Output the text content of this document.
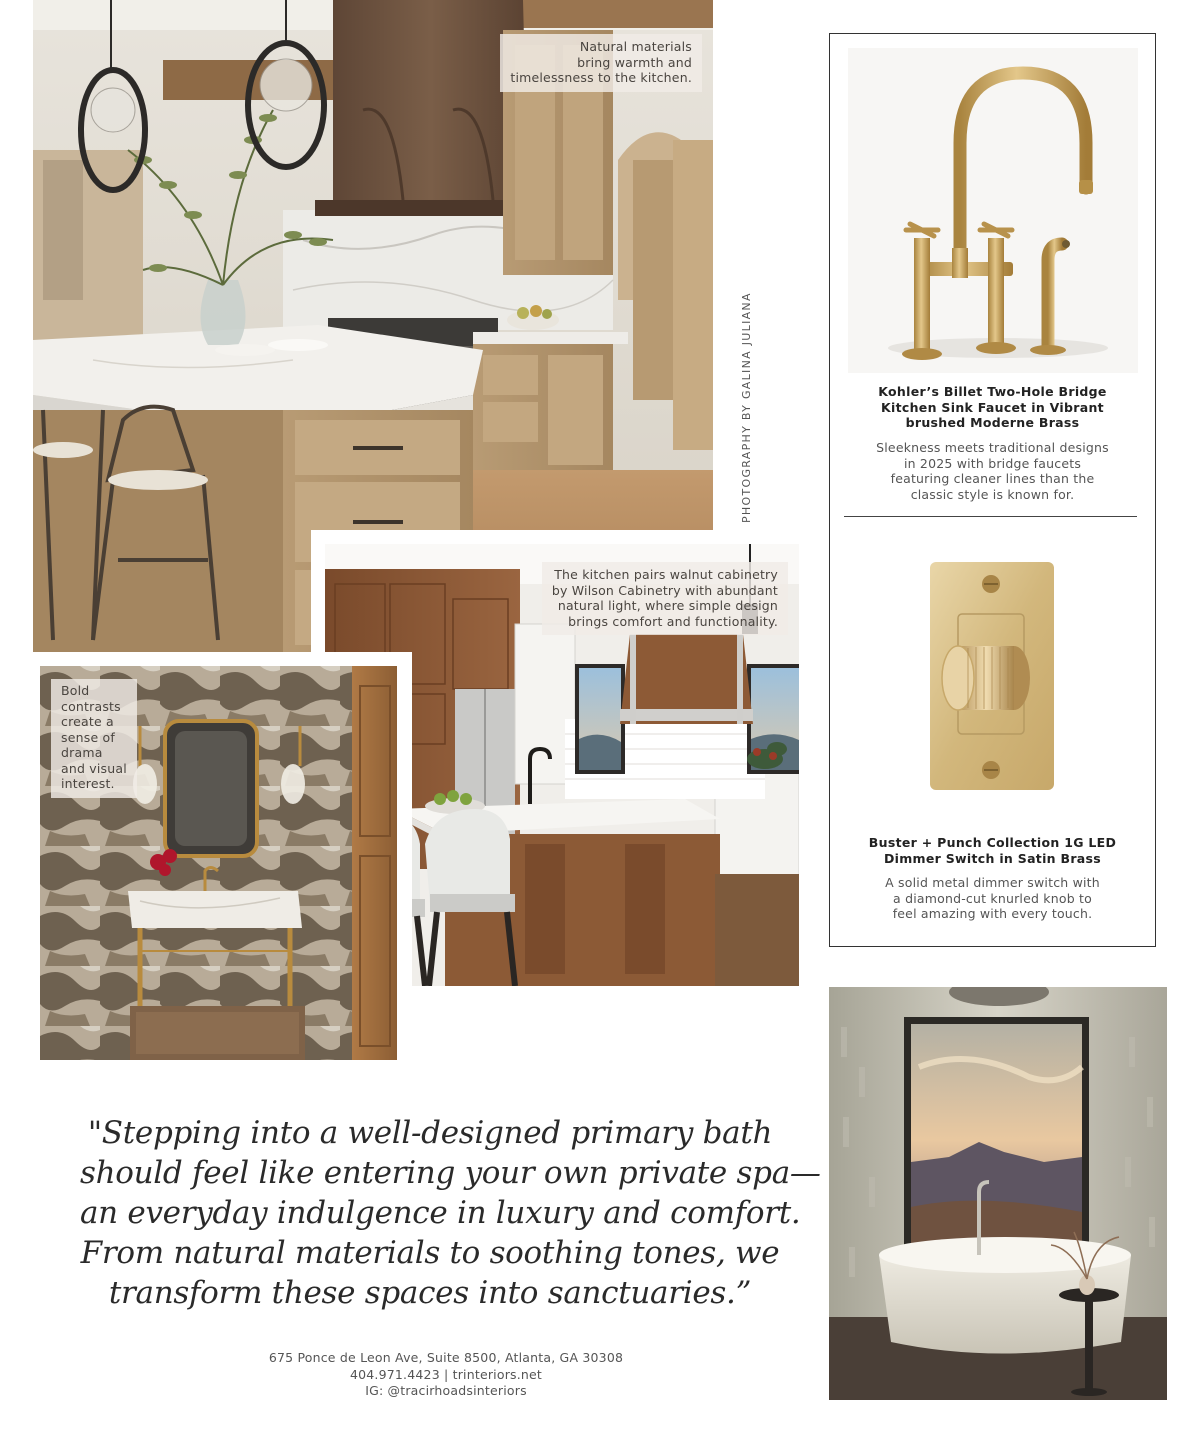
Natural materials
bring warmth and
timelessness to the kitchen.
PHOTOGRAPHY BY GALINA JULIANA
The kitchen pairs walnut cabinetry
by Wilson Cabinetry with abundant
natural light, where simple design
brings comfort and functionality.
Bold
contrasts
create a
sense of
drama
and visual
interest.
Kohler’s Billet Two-Hole Bridge
Kitchen Sink Faucet in Vibrant
brushed Moderne Brass
Sleekness meets traditional designs
in 2025 with bridge faucets
featuring cleaner lines than the
classic style is known for.
Buster + Punch Collection 1G LED
Dimmer Switch in Satin Brass
A solid metal dimmer switch with
a diamond-cut knurled knob to
feel amazing with every touch.
"Stepping into a well-designed primary bath
should feel like entering your own private spa—
an everyday indulgence in luxury and comfort.
From natural materials to soothing tones, we
transform these spaces into sanctuaries.”
675 Ponce de Leon Ave, Suite 8500, Atlanta, GA 30308
404.971.4423 | trinteriors.net
IG: @tracirhoadsinteriors
